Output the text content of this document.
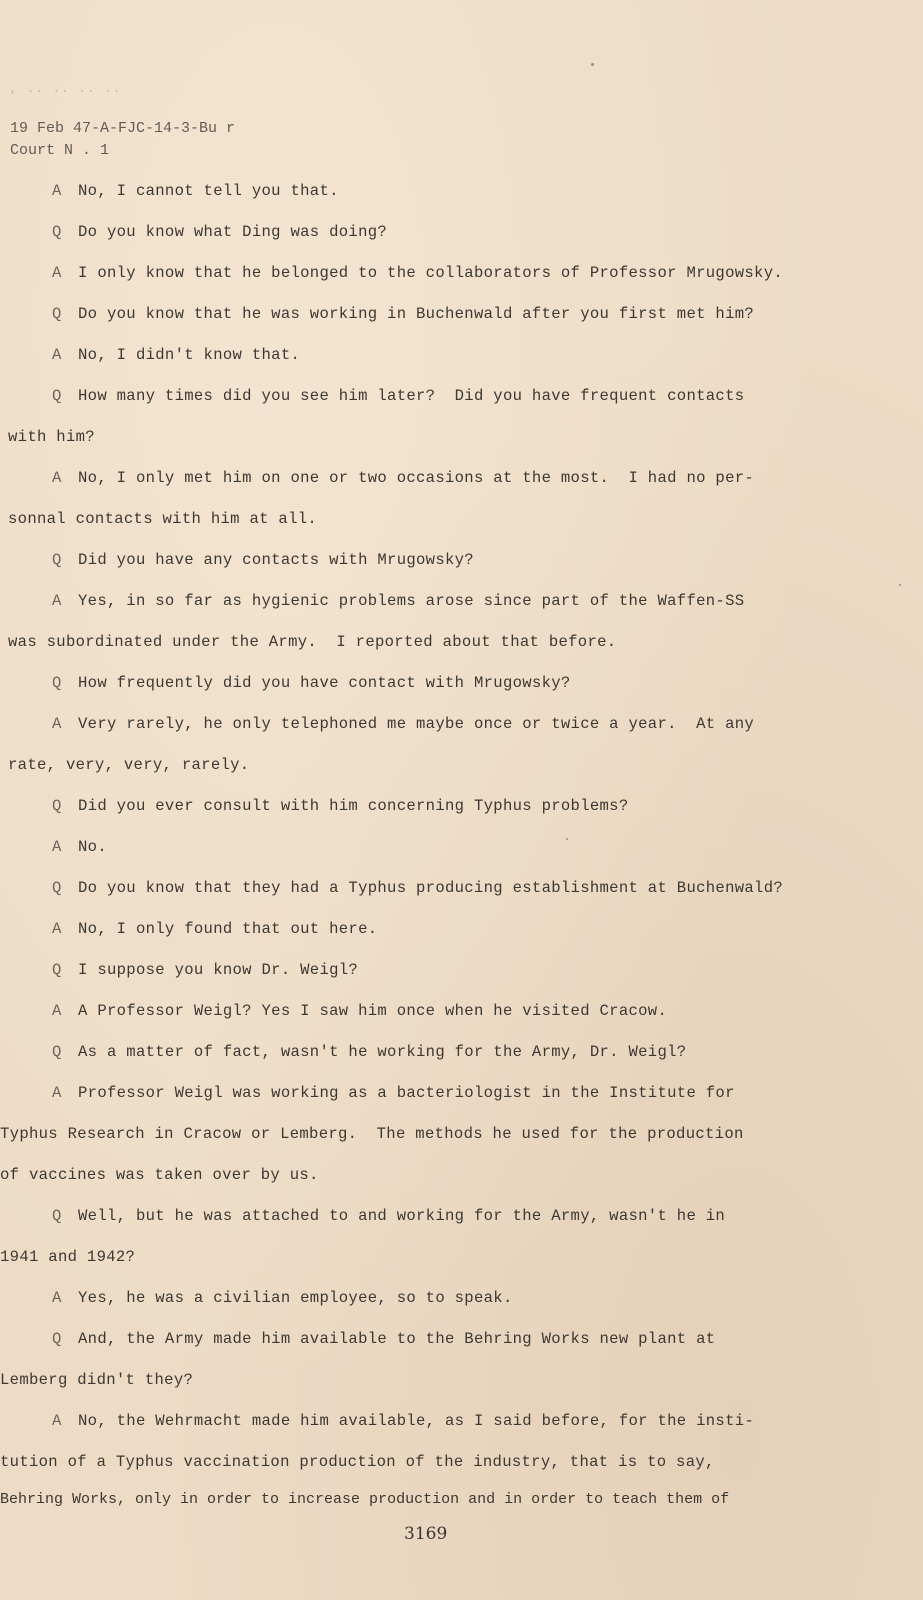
, .. .. .. ..
19 Feb 47-A-FJC-14-3-Bu r
Court N . 1
A No, I cannot tell you that.
Q Do you know what Ding was doing?
A I only know that he belonged to the collaborators of Professor Mrugowsky.
Q Do you know that he was working in Buchenwald after you first met him?
A No, I didn't know that.
Q How many times did you see him later?  Did you have frequent contacts
with him?
A No, I only met him on one or two occasions at the most.  I had no per-
sonnal contacts with him at all.
Q Did you have any contacts with Mrugowsky?
A Yes, in so far as hygienic problems arose since part of the Waffen-SS
was subordinated under the Army.  I reported about that before.
Q How frequently did you have contact with Mrugowsky?
A Very rarely, he only telephoned me maybe once or twice a year.  At any
rate, very, very, rarely.
Q Did you ever consult with him concerning Typhus problems?
A No.
Q Do you know that they had a Typhus producing establishment at Buchenwald?
A No, I only found that out here.
Q I suppose you know Dr. Weigl?
A A Professor Weigl? Yes I saw him once when he visited Cracow.
Q As a matter of fact, wasn't he working for the Army, Dr. Weigl?
A Professor Weigl was working as a bacteriologist in the Institute for
Typhus Research in Cracow or Lemberg.  The methods he used for the production
of vaccines was taken over by us.
Q Well, but he was attached to and working for the Army, wasn't he in
1941 and 1942?
A Yes, he was a civilian employee, so to speak.
Q And, the Army made him available to the Behring Works new plant at
Lemberg didn't they?
A No, the Wehrmacht made him available, as I said before, for the insti-
tution of a Typhus vaccination production of the industry, that is to say,
Behring Works, only in order to increase production and in order to teach them of
3169
